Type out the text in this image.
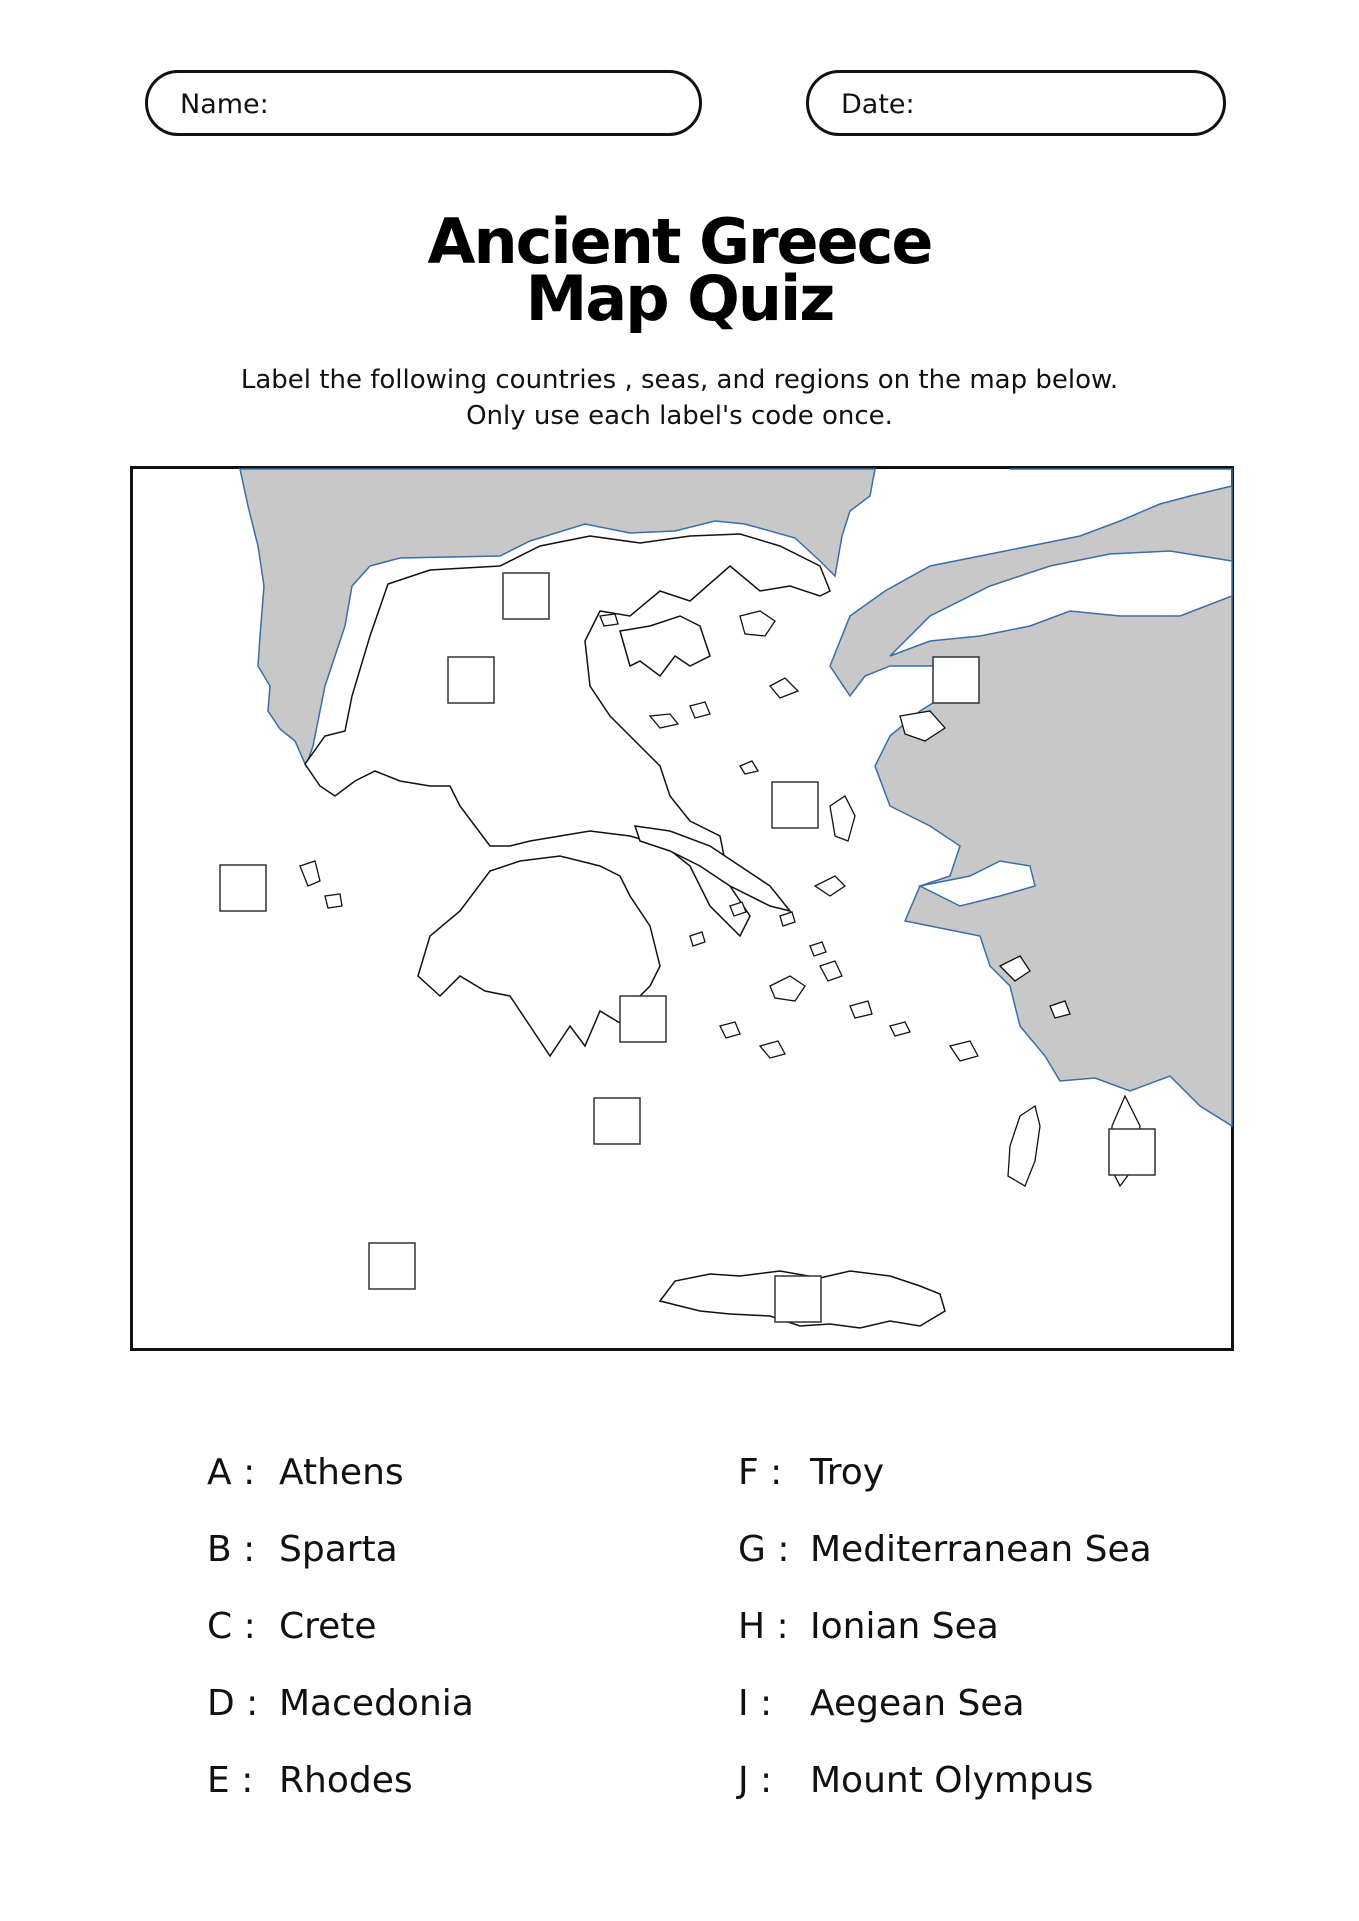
Name:	Date:
Ancient Greece
Map Quiz
Label the following countries , seas, and regions on the map below.
Only use each label's code once.
A : Athens
B : Sparta
C : Crete
D : Macedonia
E : Rhodes
F : Troy
G : Mediterranean Sea
H : Ionian Sea
I : Aegean Sea
J : Mount Olympus
